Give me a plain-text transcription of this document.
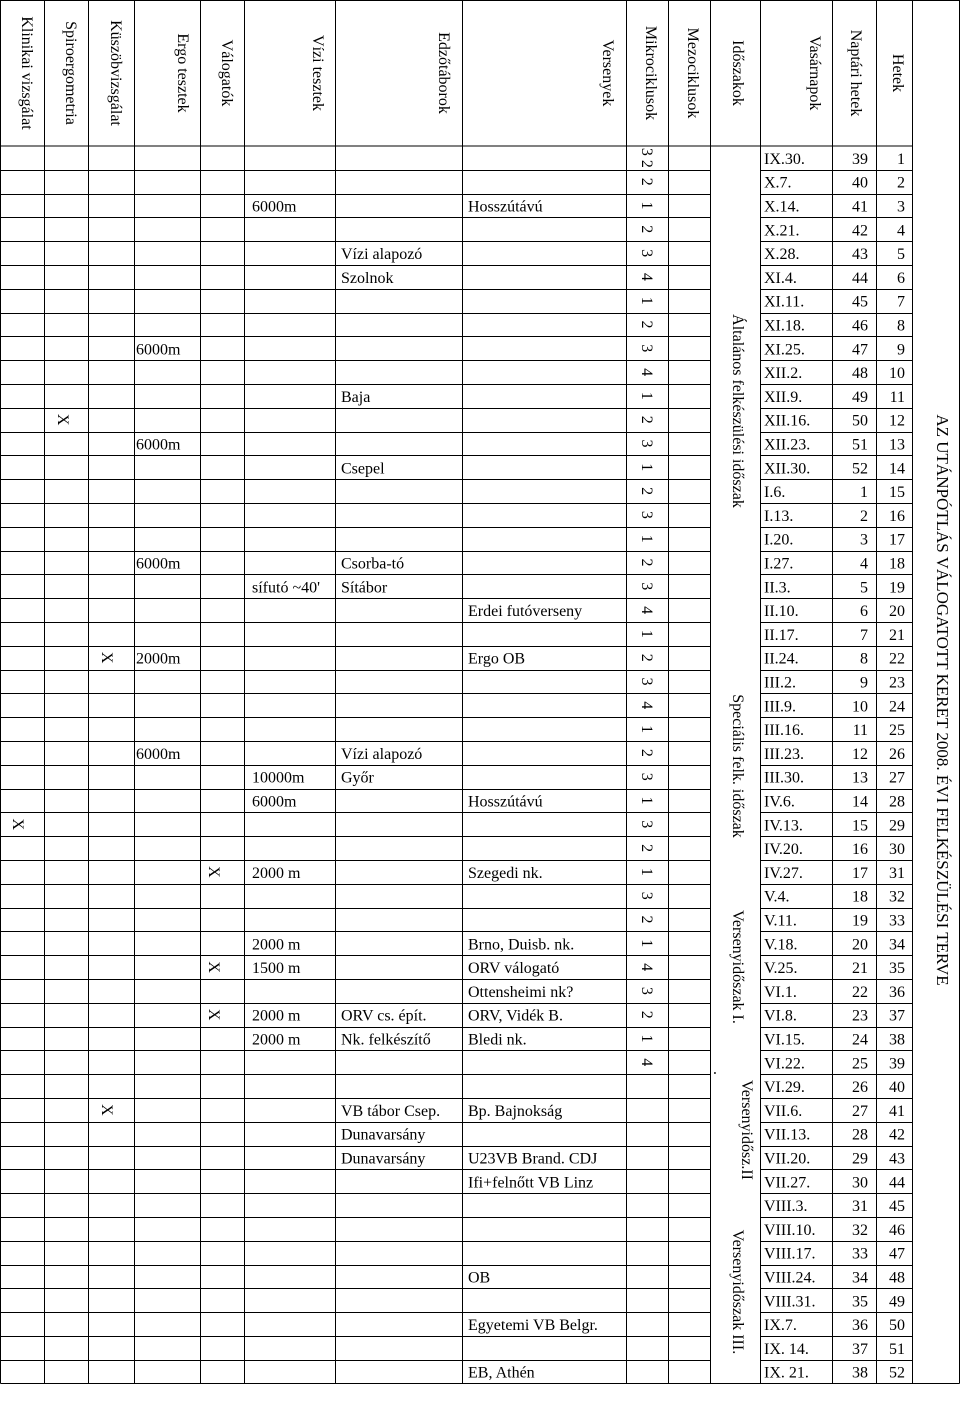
AZ UTÁNPÓTLÁS VÁLOGATOTT KERET 2008. ÉVI FELKÉSZÜLÉSI TERVE
Hetek
Naptári hetek
Vasárnapok
Időszakok
Mezociklusok
Mikrociklusok
Versenyek
Edzőtáborok
Vízi tesztek
Válogatók
Ergo tesztek
Küszöbvizsgálat
Spiroergometria
Klinikai vizsgálat
1
39
IX.30.
3 2
2
40
X.7.
2
3
41
X.14.
1
Hosszútávú
6000m
4
42
X.21.
2
5
43
X.28.
3
Vízi alapozó
6
44
XI.4.
4
Szolnok
7
45
XI.11.
1
8
46
XI.18.
2
9
47
XI.25.
3
6000m
10
48
XII.2.
4
11
49
XII.9.
1
Baja
12
50
XII.16.
2
X
13
51
XII.23.
3
6000m
14
52
XII.30.
1
Csepel
15
1
I.6.
2
16
2
I.13.
3
17
3
I.20.
1
18
4
I.27.
2
Csorba-tó
6000m
19
5
II.3.
3
Sítábor
sífutó ~40'
20
6
II.10.
4
Erdei futóverseny
21
7
II.17.
1
22
8
II.24.
2
Ergo OB
2000m
X
23
9
III.2.
3
24
10
III.9.
4
25
11
III.16.
1
26
12
III.23.
2
Vízi alapozó
6000m
27
13
III.30.
3
Győr
10000m
28
14
IV.6.
1
Hosszútávú
6000m
29
15
IV.13.
3
X
30
16
IV.20.
2
31
17
IV.27.
1
Szegedi nk.
2000 m
X
32
18
V.4.
3
33
19
V.11.
2
34
20
V.18.
1
Brno, Duisb. nk.
2000 m
35
21
V.25.
4
ORV válogató
1500 m
X
36
22
VI.1.
3
Ottensheimi nk?
37
23
VI.8.
2
ORV, Vidék B.
ORV cs. épít.
2000 m
X
38
24
VI.15.
1
Bledi nk.
Nk. felkészítő
2000 m
39
25
VI.22.
4
40
26
VI.29.
41
27
VII.6.
Bp. Bajnokság
VB tábor Csep.
X
42
28
VII.13.
Dunavarsány
43
29
VII.20.
U23VB Brand. CDJ
Dunavarsány
44
30
VII.27.
Ifi+felnőtt VB Linz
45
31
VIII.3.
46
32
VIII.10.
47
33
VIII.17.
48
34
VIII.24.
OB
49
35
VIII.31.
50
36
IX.7.
Egyetemi VB Belgr.
51
37
IX. 14.
52
38
IX. 21.
EB, Athén
Általános felkészülési időszak
Speciális felk. időszak
Versenyidőszak I.
.
Versenyidősz.II
Versenyidőszak III.
